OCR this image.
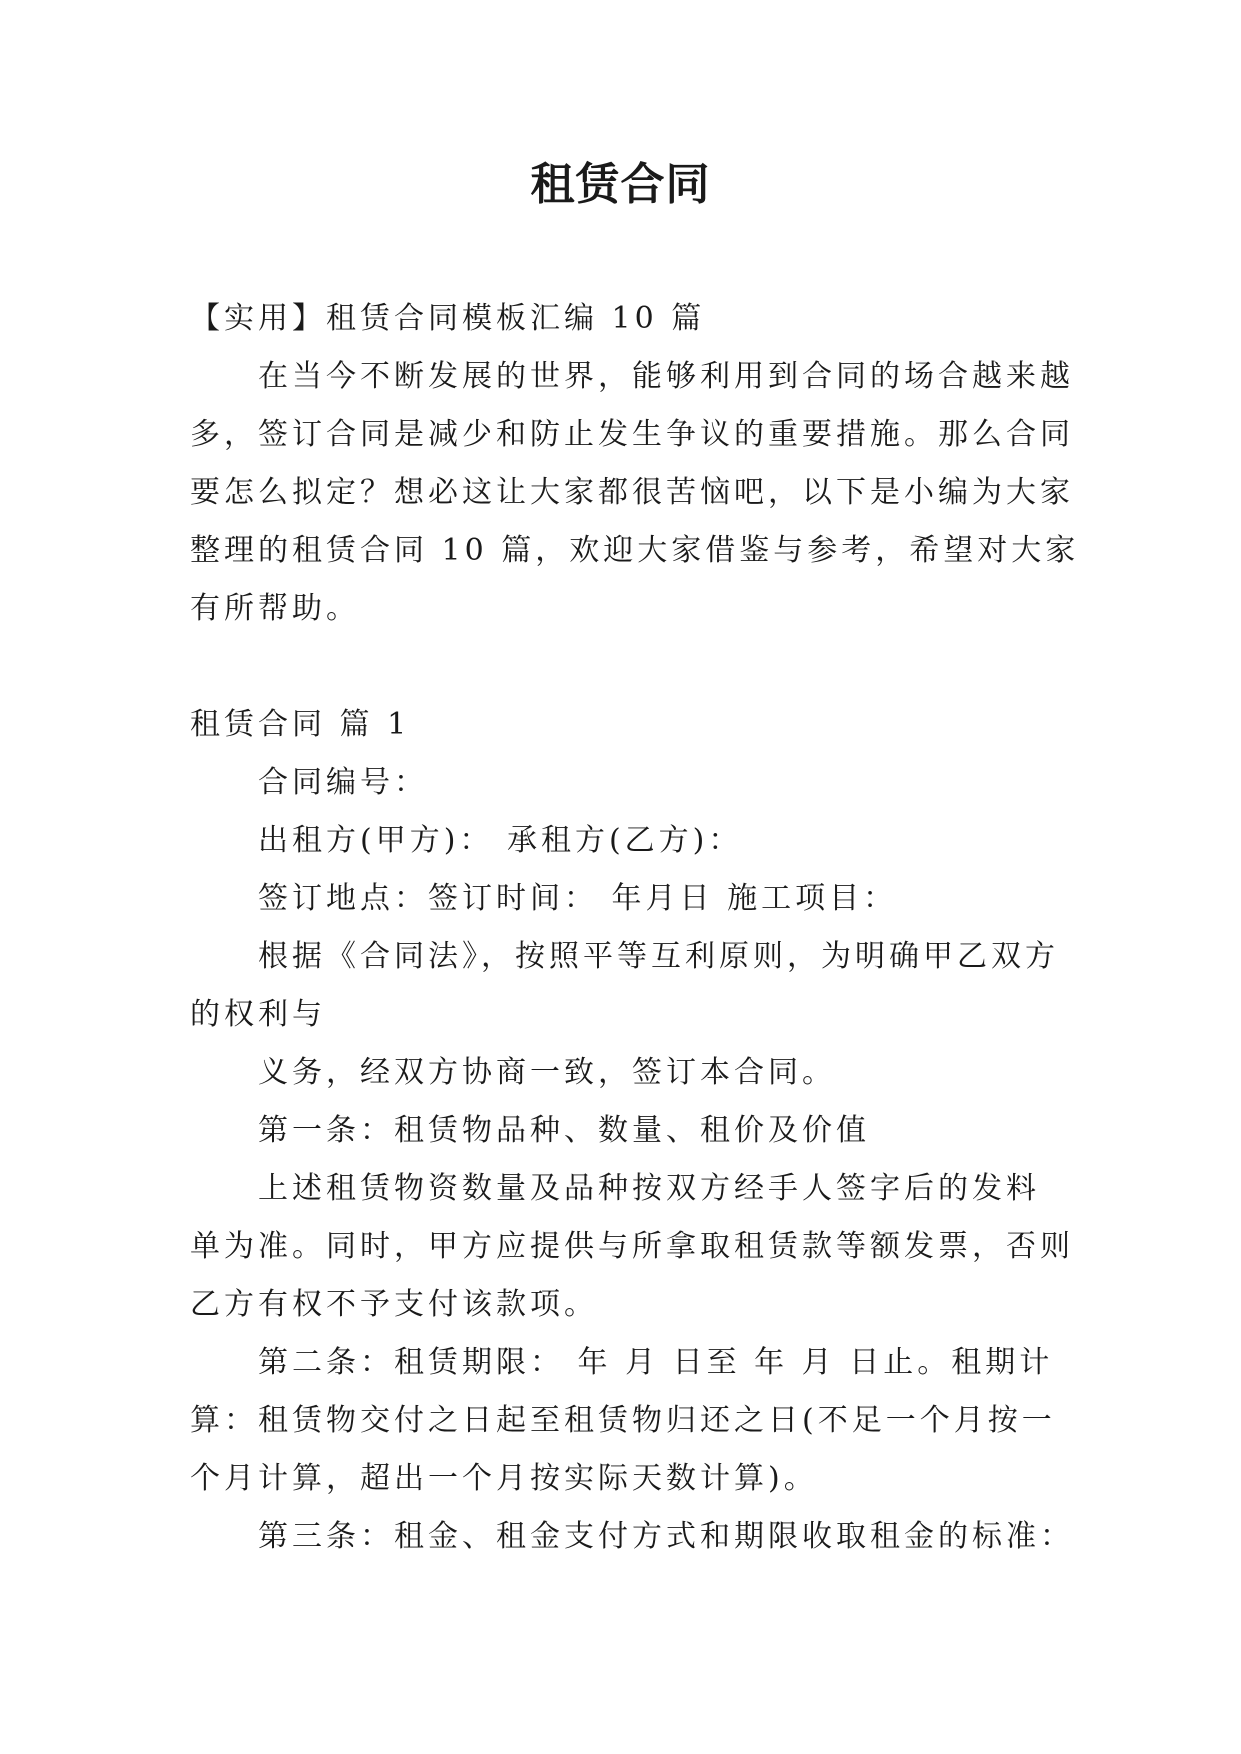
租赁合同

【实用】租赁合同模板汇编 10 篇

在当今不断发展的世界，能够利用到合同的场合越来越

多，签订合同是减少和防止发生争议的重要措施。那么合同

要怎么拟定？想必这让大家都很苦恼吧，以下是小编为大家

整理的租赁合同 10 篇，欢迎大家借鉴与参考，希望对大家

有所帮助。

租赁合同 篇 1

合同编号：

出租方(甲方)： 承租方(乙方)：

签订地点：签订时间： 年月日 施工项目：

根据《合同法》，按照平等互利原则，为明确甲乙双方

的权利与

义务，经双方协商一致，签订本合同。

第一条：租赁物品种、数量、租价及价值

上述租赁物资数量及品种按双方经手人签字后的发料

单为准。同时，甲方应提供与所拿取租赁款等额发票，否则

乙方有权不予支付该款项。

第二条：租赁期限： 年 月 日至 年 月 日止。租期计

算：租赁物交付之日起至租赁物归还之日(不足一个月按一

个月计算，超出一个月按实际天数计算)。

第三条：租金、租金支付方式和期限收取租金的标准：
